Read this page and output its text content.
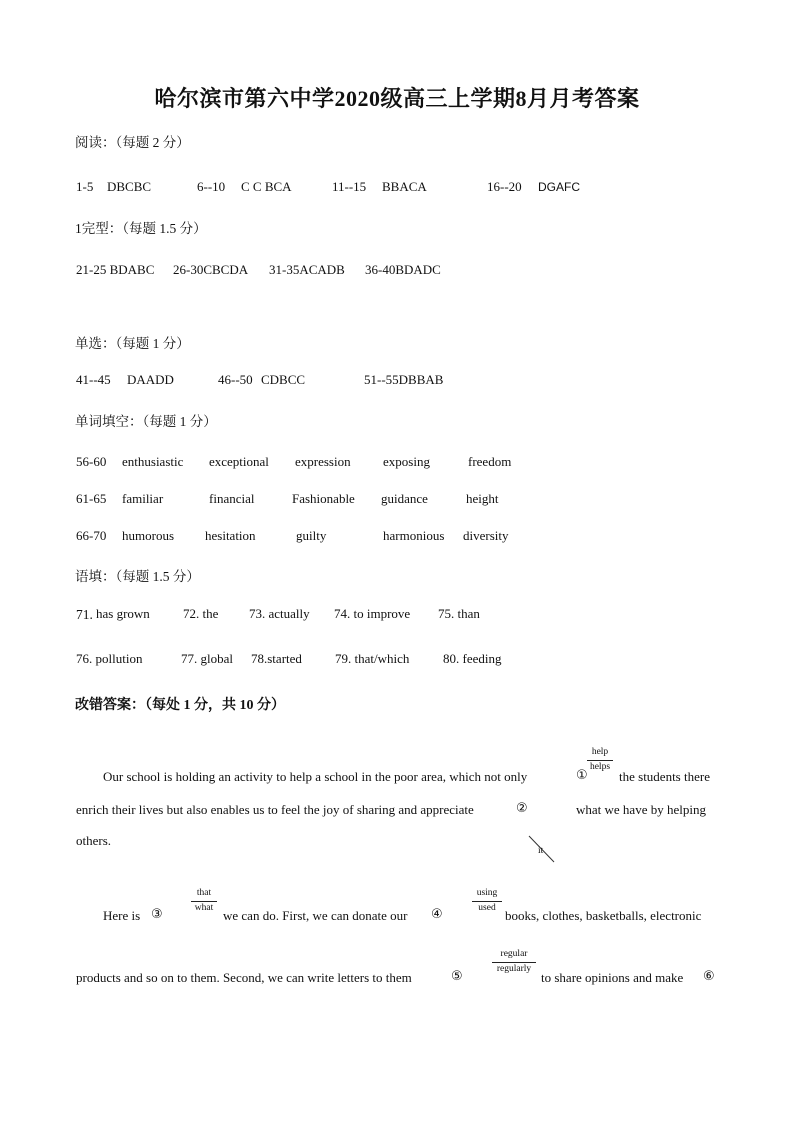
哈尔滨市第六中学2020级高三上学期8月月考答案
阅读：（每题 2 分）
1-5 DBCBC	6--10 C C BCA	11--15 BBACA	16--20 DGAFC
1完型：（每题 1.5 分）
21-25 BDABC 26-30CBCDA 31-35ACADB 36-40BDADC
单选：（每题 1 分）
41--45 DAADD	46--50 CDBCC	51--55DBBAB
单词填空：（每题 1 分）
56-60 enthusiastic exceptional expression exposing	freedom
61-65 familiar	financial	Fashionable guidance	height
66-70 humorous hesitation	guilty	harmonious diversity
语填：（每题 1.5 分）
71. has grown	72. the 73. actually 74. to improve 75. than
76. pollution	77. global 78.started	79. that/which	80. feeding
改错答案：（每处 1 分，共 10 分）
Our school is holding an activity to help a school in the poor area, which not only	①
help
helps
the students there
enrich their lives but also enables us to feel the joy of sharing and appreciate	②	what we have by helping
others.
it
Here is ③
that
what
we can do. First, we can donate our ④
using
used
books, clothes, basketballs, electronic
products and so on to them. Second, we can write letters to them	⑤
regular
regularly
to share opinions and make ⑥
